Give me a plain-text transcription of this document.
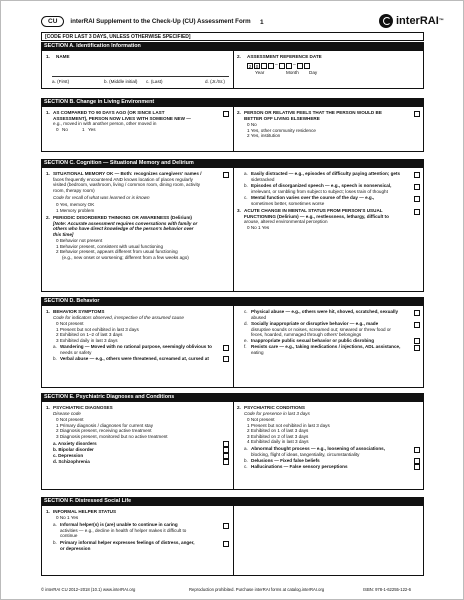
CU	interRAI Supplement to the Check-Up (CU) Assessment Form 1	interRAI ™
[CODE FOR LAST 3 DAYS, UNLESS OTHERWISE SPECIFIED]
SECTION A. Identification Information
1. NAME
a. (First)	b. (Middle initial) c. (Last)	d. (Jr./Sr.)
2. ASSESSMENT REFERENCE DATE
2 0	–	–
Year	Month Day
SECTION B. Change in Living Environment
1. AS COMPARED TO 90 DAYS AGO (OR SINCE LAST
ASSESSMENT), PERSON NOW LIVES WITH SOMEONE NEW —
e.g., moved in with another person, other moved in
0 No	1 Yes
2. PERSON OR RELATIVE FEELS THAT THE PERSON WOULD BE
BETTER OFF LIVING ELSEWHERE
0 No
1 Yes, other community residence
2 Yes, institution
SECTION C. Cognition — Situational Memory and Delirium
1. SITUATIONAL MEMORY OK — Both: recognizes caregivers' names /
faces frequently encountered AND knows location of places regularly
visited (bedroom, washroom, living / common room, dining room, activity
room, therapy room)
Code for recall of what was learned or is known
0 Yes, memory OK
1 Memory problem
2. PERIODIC DISORDERED THINKING OR AWARENESS (Delirium)
[Note: Accurate assessment requires conversations with family or
others who have direct knowledge of the person's behavior over
this time]
0 Behavior not present
1 Behavior present, consistent with usual functioning
2 Behavior present, appears different from usual functioning
(e.g., new onset or worsening; different from a few weeks ago)
a. Easily distracted — e.g., episodes of difficulty paying attention; gets
sidetracked
b. Episodes of disorganized speech — e.g., speech is nonsensical,
irrelevant, or rambling from subject to subject; loses train of thought
c. Mental function varies over the course of the day — e.g.,
sometimes better, sometimes worse
3. ACUTE CHANGE IN MENTAL STATUS FROM PERSON'S USUAL
FUNCTIONING (Delirium) — e.g., restlessness, lethargy, difficult to
arouse, altered environmental perception
0 No 1 Yes
SECTION D. Behavior
1. BEHAVIOR SYMPTOMS
Code for indicators observed, irrespective of the assumed cause
0 Not present
1 Present but not exhibited in last 3 days
2 Exhibited on 1–2 of last 3 days
3 Exhibited daily in last 3 days
a. Wandering — Moved with no rational purpose, seemingly oblivious to
needs or safety
b. Verbal abuse — e.g., others were threatened, screamed at, cursed at
c. Physical abuse — e.g., others were hit, shoved, scratched, sexually
abused
d. Socially inappropriate or disruptive behavior — e.g., made
disruptive sounds or noises, screamed out; smeared or threw food or
feces, hoarded, rummaged through others' belongings
e. Inappropriate public sexual behavior or public disrobing
f. Resists care — e.g., taking medications / injections, ADL assistance,
eating
SECTION E. Psychiatric Diagnoses and Conditions
1. PSYCHIATRIC DIAGNOSES
Disease code
0 Not present
1 Primary diagnosis / diagnoses for current stay
2 Diagnosis present, receiving active treatment
3 Diagnosis present, monitored but no active treatment
a. Anxiety disorders
b. Bipolar disorder
c. Depression
d. Schizophrenia
2. PSYCHIATRIC CONDITIONS
Code for presence in last 3 days
0 Not present
1 Present but not exhibited in last 3 days
2 Exhibited on 1 of last 3 days
3 Exhibited on 2 of last 3 days
4 Exhibited daily in last 3 days
a. Abnormal thought process — e.g., loosening of associations,
blocking, flight of ideas, tangentiality, circumstantiality
b. Delusions — Fixed false beliefs
c. Hallucinations — False sensory perceptions
SECTION F. Distressed Social Life
1. INFORMAL HELPER STATUS
0 No 1 Yes
a. Informal helper(s) is (are) unable to continue in caring
activities — e.g., decline in health of helper makes it difficult to
continue
b. Primary informal helper expresses feelings of distress, anger,
or depression
© interRAI CU 2012–2018 (10.1) www.interRAI.org	Reproduction prohibited. Purchase interRAI forms at catalog.interRAI.org	ISBN: 978-1-62255-122-6
